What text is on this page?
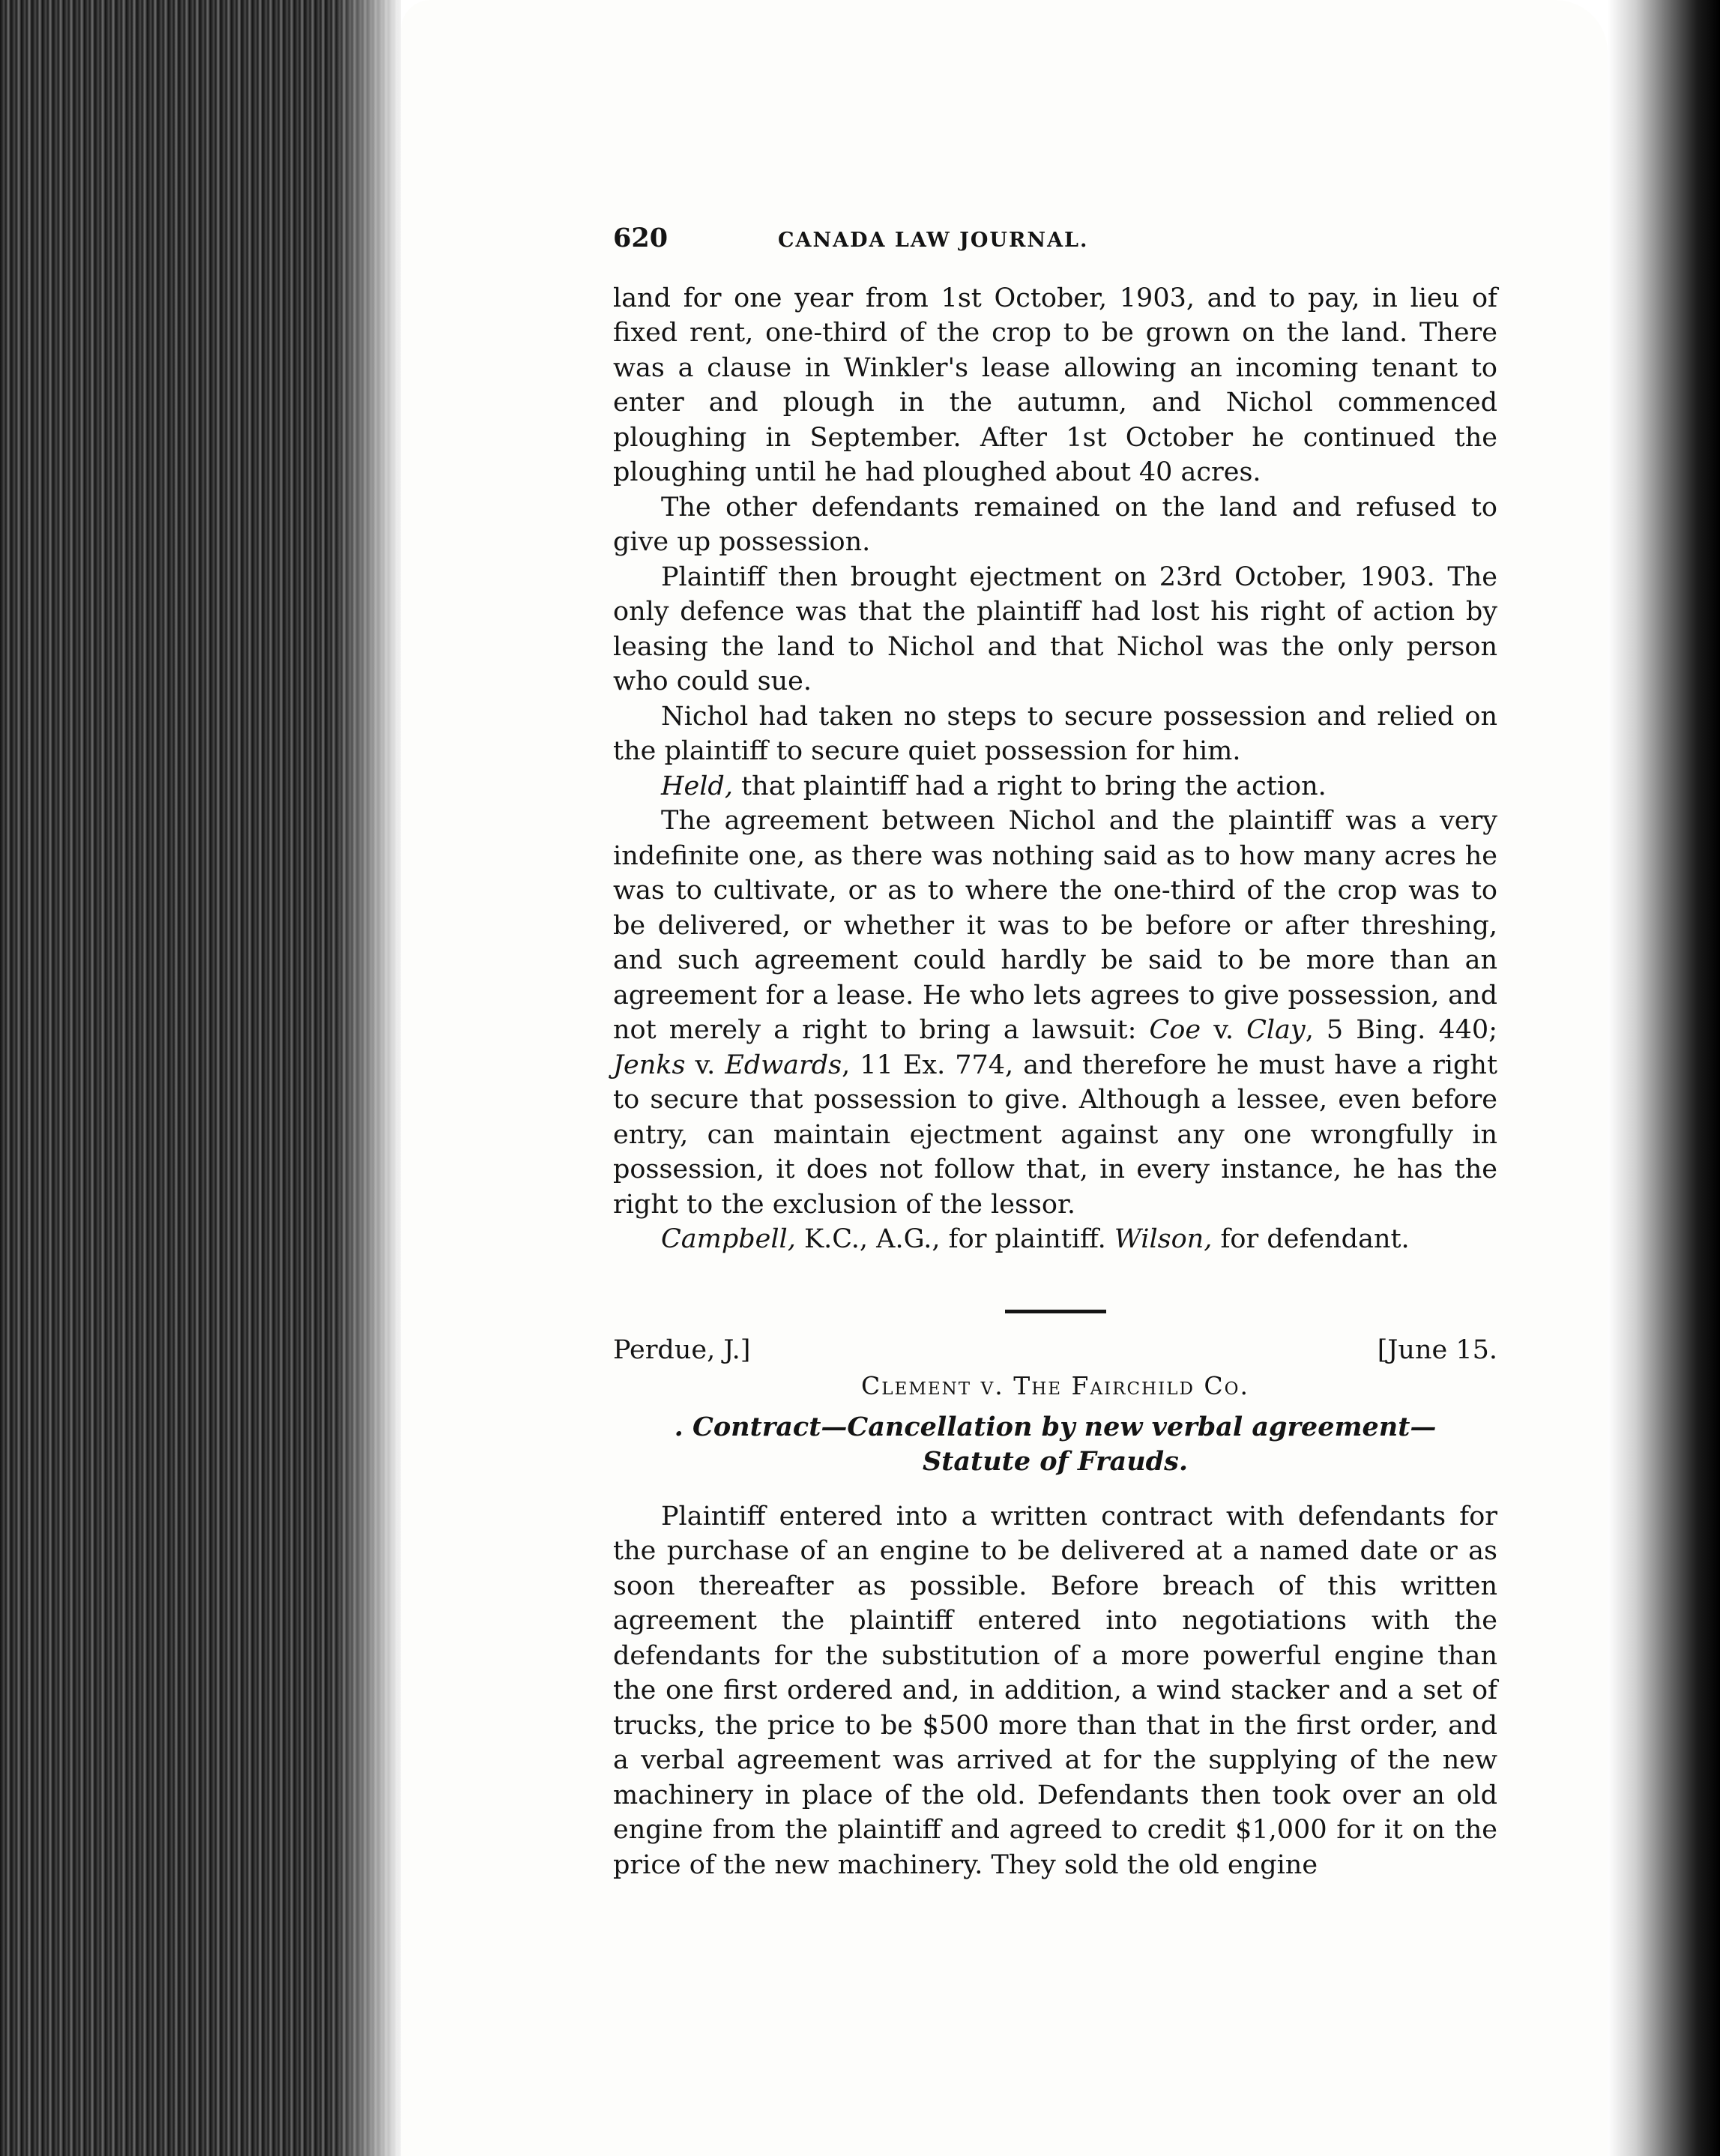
620	CANADA LAW JOURNAL.

land for one year from 1st October, 1903, and to pay, in lieu of fixed rent, one-third of the crop to be grown on the land. There was a clause in Winkler's lease allowing an incoming tenant to enter and plough in the autumn, and Nichol commenced ploughing in September. After 1st October he continued the ploughing until he had ploughed about 40 acres.

The other defendants remained on the land and refused to give up possession.

Plaintiff then brought ejectment on 23rd October, 1903. The only defence was that the plaintiff had lost his right of action by leasing the land to Nichol and that Nichol was the only person who could sue.

Nichol had taken no steps to secure possession and relied on the plaintiff to secure quiet possession for him.

Held, that plaintiff had a right to bring the action.

The agreement between Nichol and the plaintiff was a very indefinite one, as there was nothing said as to how many acres he was to cultivate, or as to where the one-third of the crop was to be delivered, or whether it was to be before or after threshing, and such agreement could hardly be said to be more than an agreement for a lease. He who lets agrees to give possession, and not merely a right to bring a lawsuit: Coe v. Clay, 5 Bing. 440; Jenks v. Edwards, 11 Ex. 774, and therefore he must have a right to secure that possession to give. Although a lessee, even before entry, can maintain ejectment against any one wrongfully in possession, it does not follow that, in every instance, he has the right to the exclusion of the lessor.

Campbell, K.C., A.G., for plaintiff. Wilson, for defendant.

Perdue, J.]	[June 15.
Clement v. The Fairchild Co.
. Contract—Cancellation by new verbal agreement—Statute of Frauds.

Plaintiff entered into a written contract with defendants for the purchase of an engine to be delivered at a named date or as soon thereafter as possible. Before breach of this written agreement the plaintiff entered into negotiations with the defendants for the substitution of a more powerful engine than the one first ordered and, in addition, a wind stacker and a set of trucks, the price to be $500 more than that in the first order, and a verbal agreement was arrived at for the supplying of the new machinery in place of the old. Defendants then took over an old engine from the plaintiff and agreed to credit $1,000 for it on the price of the new machinery. They sold the old engine
